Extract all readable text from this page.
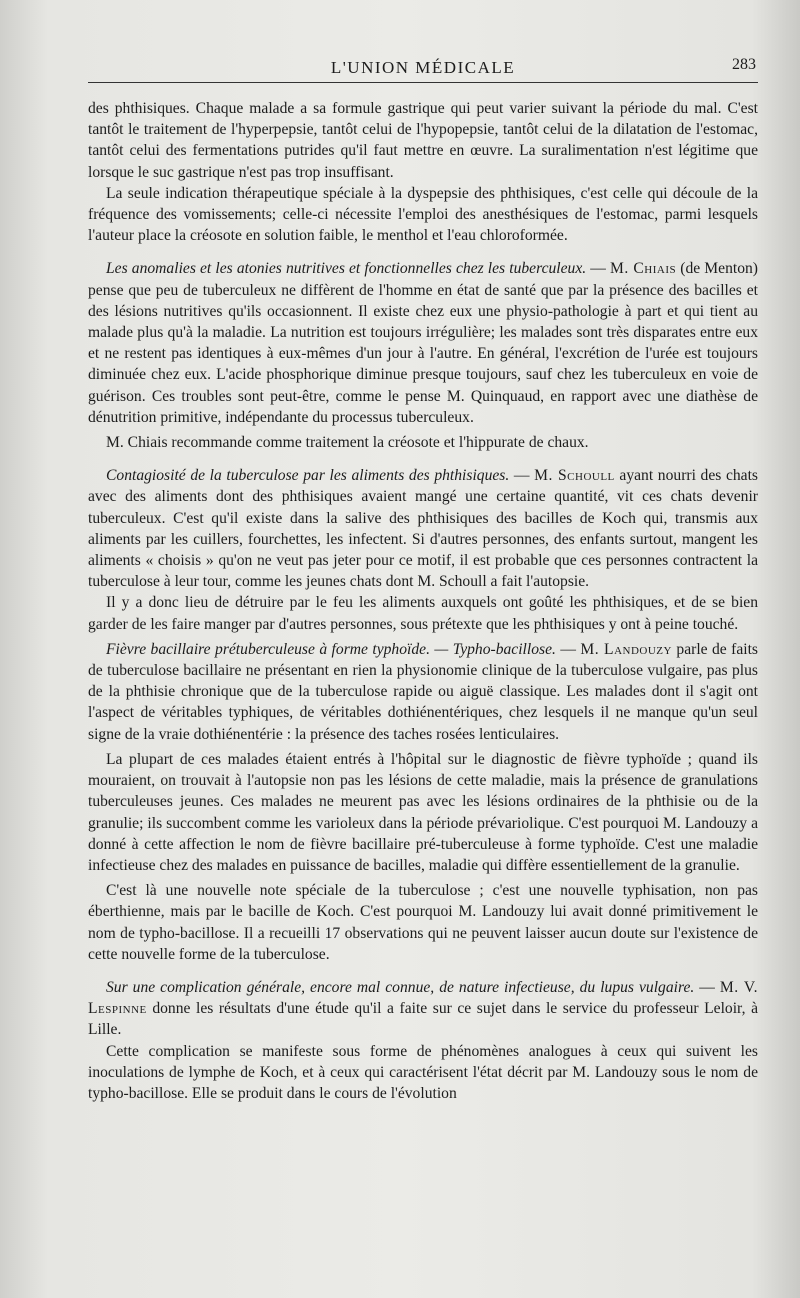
L'UNION MÉDICALE	283

des phthisiques. Chaque malade a sa formule gastrique qui peut varier suivant la période du mal. C'est tantôt le traitement de l'hyperpepsie, tantôt celui de l'hypopepsie, tantôt celui de la dilatation de l'estomac, tantôt celui des fermentations putrides qu'il faut mettre en œuvre. La suralimentation n'est légitime que lorsque le suc gastrique n'est pas trop insuffisant.

La seule indication thérapeutique spéciale à la dyspepsie des phthisiques, c'est celle qui découle de la fréquence des vomissements; celle-ci nécessite l'emploi des anesthésiques de l'estomac, parmi lesquels l'auteur place la créosote en solution faible, le menthol et l'eau chloroformée.

Les anomalies et les atonies nutritives et fonctionnelles chez les tuberculeux. — M. Chiais (de Menton) pense que peu de tuberculeux ne diffèrent de l'homme en état de santé que par la présence des bacilles et des lésions nutritives qu'ils occasionnent. Il existe chez eux une physio-pathologie à part et qui tient au malade plus qu'à la maladie. La nutrition est toujours irrégulière; les malades sont très disparates entre eux et ne restent pas identiques à eux-mêmes d'un jour à l'autre. En général, l'excrétion de l'urée est toujours diminuée chez eux. L'acide phosphorique diminue presque toujours, sauf chez les tuberculeux en voie de guérison. Ces troubles sont peut-être, comme le pense M. Quinquaud, en rapport avec une diathèse de dénutrition primitive, indépendante du processus tuberculeux.

M. Chiais recommande comme traitement la créosote et l'hippurate de chaux.

Contagiosité de la tuberculose par les aliments des phthisiques. — M. Schoull ayant nourri des chats avec des aliments dont des phthisiques avaient mangé une certaine quantité, vit ces chats devenir tuberculeux. C'est qu'il existe dans la salive des phthisiques des bacilles de Koch qui, transmis aux aliments par les cuillers, fourchettes, les infectent. Si d'autres personnes, des enfants surtout, mangent les aliments « choisis » qu'on ne veut pas jeter pour ce motif, il est probable que ces personnes contractent la tuberculose à leur tour, comme les jeunes chats dont M. Schoull a fait l'autopsie.

Il y a donc lieu de détruire par le feu les aliments auxquels ont goûté les phthisiques, et de se bien garder de les faire manger par d'autres personnes, sous prétexte que les phthisiques y ont à peine touché.

Fièvre bacillaire prétuberculeuse à forme typhoïde. — Typho-bacillose. — M. Landouzy parle de faits de tuberculose bacillaire ne présentant en rien la physionomie clinique de la tuberculose vulgaire, pas plus de la phthisie chronique que de la tuberculose rapide ou aiguë classique. Les malades dont il s'agit ont l'aspect de véritables typhiques, de véritables dothiénentériques, chez lesquels il ne manque qu'un seul signe de la vraie dothiénentérie : la présence des taches rosées lenticulaires.

La plupart de ces malades étaient entrés à l'hôpital sur le diagnostic de fièvre typhoïde ; quand ils mouraient, on trouvait à l'autopsie non pas les lésions de cette maladie, mais la présence de granulations tuberculeuses jeunes. Ces malades ne meurent pas avec les lésions ordinaires de la phthisie ou de la granulie; ils succombent comme les varioleux dans la période prévariolique. C'est pourquoi M. Landouzy a donné à cette affection le nom de fièvre bacillaire pré-tuberculeuse à forme typhoïde. C'est une maladie infectieuse chez des malades en puissance de bacilles, maladie qui diffère essentiellement de la granulie.

C'est là une nouvelle note spéciale de la tuberculose ; c'est une nouvelle typhisation, non pas éberthienne, mais par le bacille de Koch. C'est pourquoi M. Landouzy lui avait donné primitivement le nom de typho-bacillose. Il a recueilli 17 observations qui ne peuvent laisser aucun doute sur l'existence de cette nouvelle forme de la tuberculose.

Sur une complication générale, encore mal connue, de nature infectieuse, du lupus vulgaire. — M. V. Lespinne donne les résultats d'une étude qu'il a faite sur ce sujet dans le service du professeur Leloir, à Lille.

Cette complication se manifeste sous forme de phénomènes analogues à ceux qui suivent les inoculations de lymphe de Koch, et à ceux qui caractérisent l'état décrit par M. Landouzy sous le nom de typho-bacillose. Elle se produit dans le cours de l'évolution
